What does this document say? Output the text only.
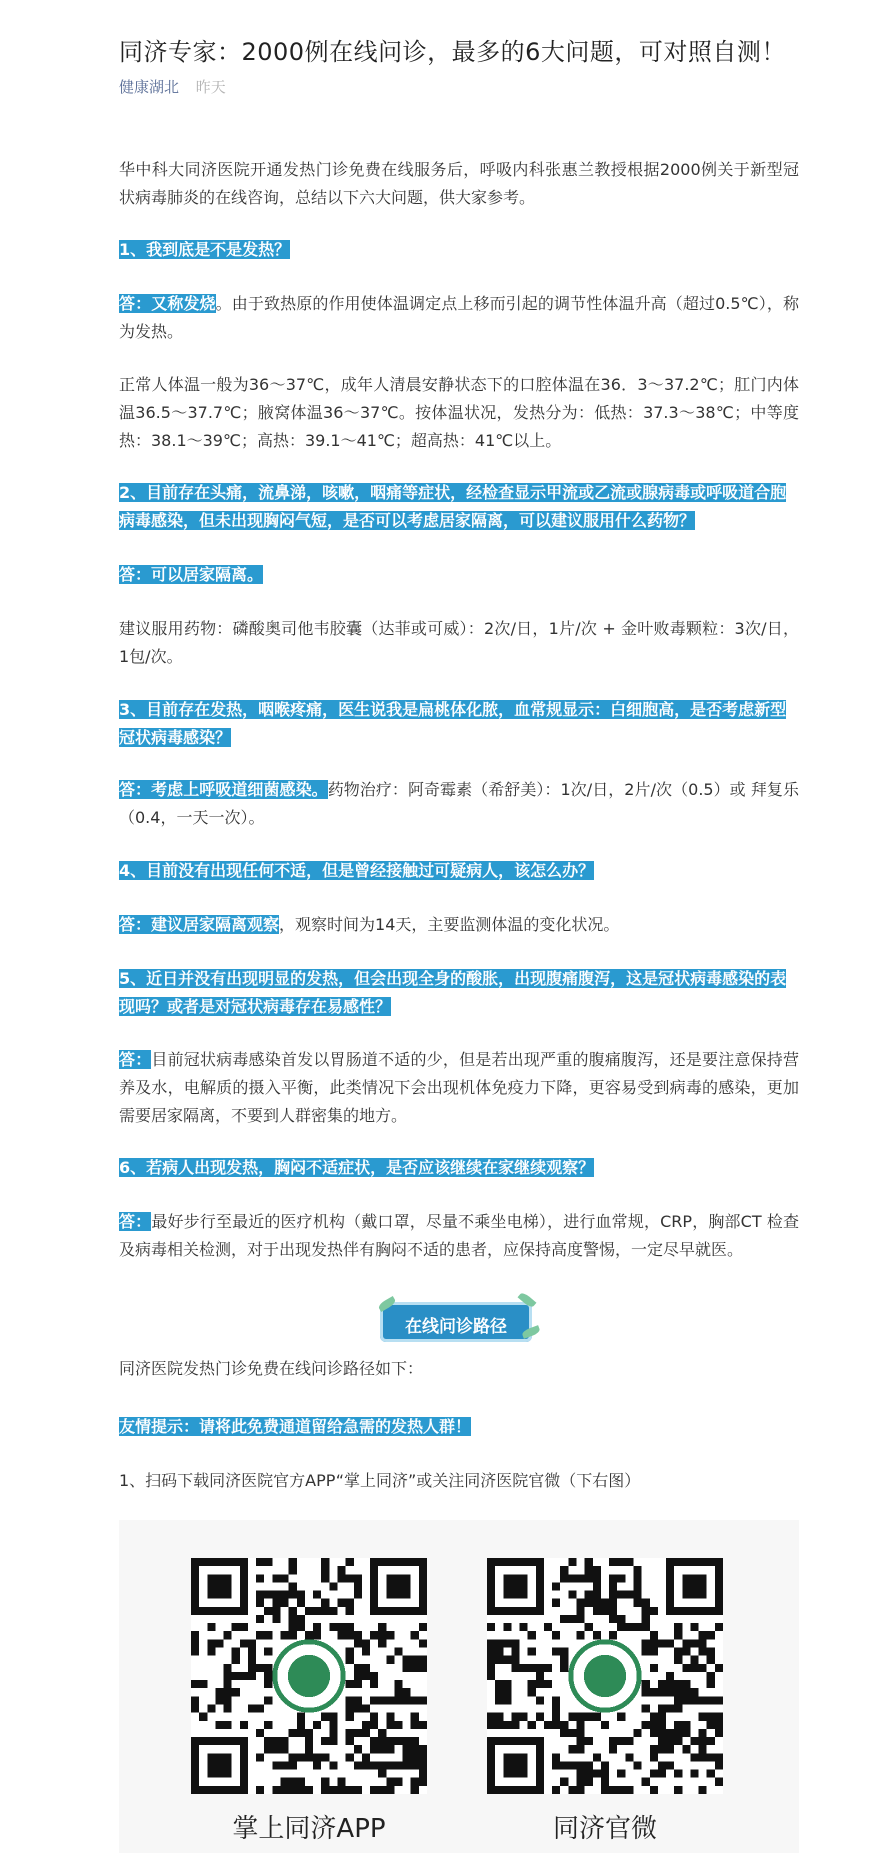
同济专家：2000例在线问诊，最多的6大问题，可对照自测！
健康湖北 昨天

华中科大同济医院开通发热门诊免费在线服务后，呼吸内科张惠兰教授根据2000例关于新型冠状病毒肺炎的在线咨询，总结以下六大问题，供大家参考。

1、我到底是不是发热？

答：又称发烧。由于致热原的作用使体温调定点上移而引起的调节性体温升高（超过0.5℃），称为发热。

正常人体温一般为36～37℃，成年人清晨安静状态下的口腔体温在36．3～37.2℃；肛门内体温36.5～37.7℃；腋窝体温36～37℃。按体温状况，发热分为：低热：37.3～38℃；中等度热：38.1～39℃；高热：39.1～41℃；超高热：41℃以上。

2、目前存在头痛，流鼻涕，咳嗽，咽痛等症状，经检查显示甲流或乙流或腺病毒或呼吸道合胞病毒感染，但未出现胸闷气短，是否可以考虑居家隔离，可以建议服用什么药物？

答：可以居家隔离。

建议服用药物：磷酸奥司他韦胶囊（达菲或可威）：2次/日，1片/次 + 金叶败毒颗粒：3次/日，1包/次。

3、目前存在发热，咽喉疼痛，医生说我是扁桃体化脓，血常规显示：白细胞高，是否考虑新型冠状病毒感染？

答：考虑上呼吸道细菌感染。药物治疗：阿奇霉素（希舒美）：1次/日，2片/次（0.5）或 拜复乐（0.4，一天一次）。

4、目前没有出现任何不适，但是曾经接触过可疑病人，该怎么办？

答：建议居家隔离观察，观察时间为14天，主要监测体温的变化状况。

5、近日并没有出现明显的发热，但会出现全身的酸胀，出现腹痛腹泻，这是冠状病毒感染的表现吗？或者是对冠状病毒存在易感性？

答：目前冠状病毒感染首发以胃肠道不适的少，但是若出现严重的腹痛腹泻，还是要注意保持营养及水，电解质的摄入平衡，此类情况下会出现机体免疫力下降，更容易受到病毒的感染，更加需要居家隔离，不要到人群密集的地方。

6、若病人出现发热，胸闷不适症状，是否应该继续在家继续观察？

答：最好步行至最近的医疗机构（戴口罩，尽量不乘坐电梯），进行血常规，CRP，胸部CT 检查及病毒相关检测，对于出现发热伴有胸闷不适的患者，应保持高度警惕，一定尽早就医。

在线问诊路径

同济医院发热门诊免费在线问诊路径如下：

友情提示：请将此免费通道留给急需的发热人群！

1、扫码下载同济医院官方APP“掌上同济”或关注同济医院官微（下右图）

掌上同济APP	同济官微
